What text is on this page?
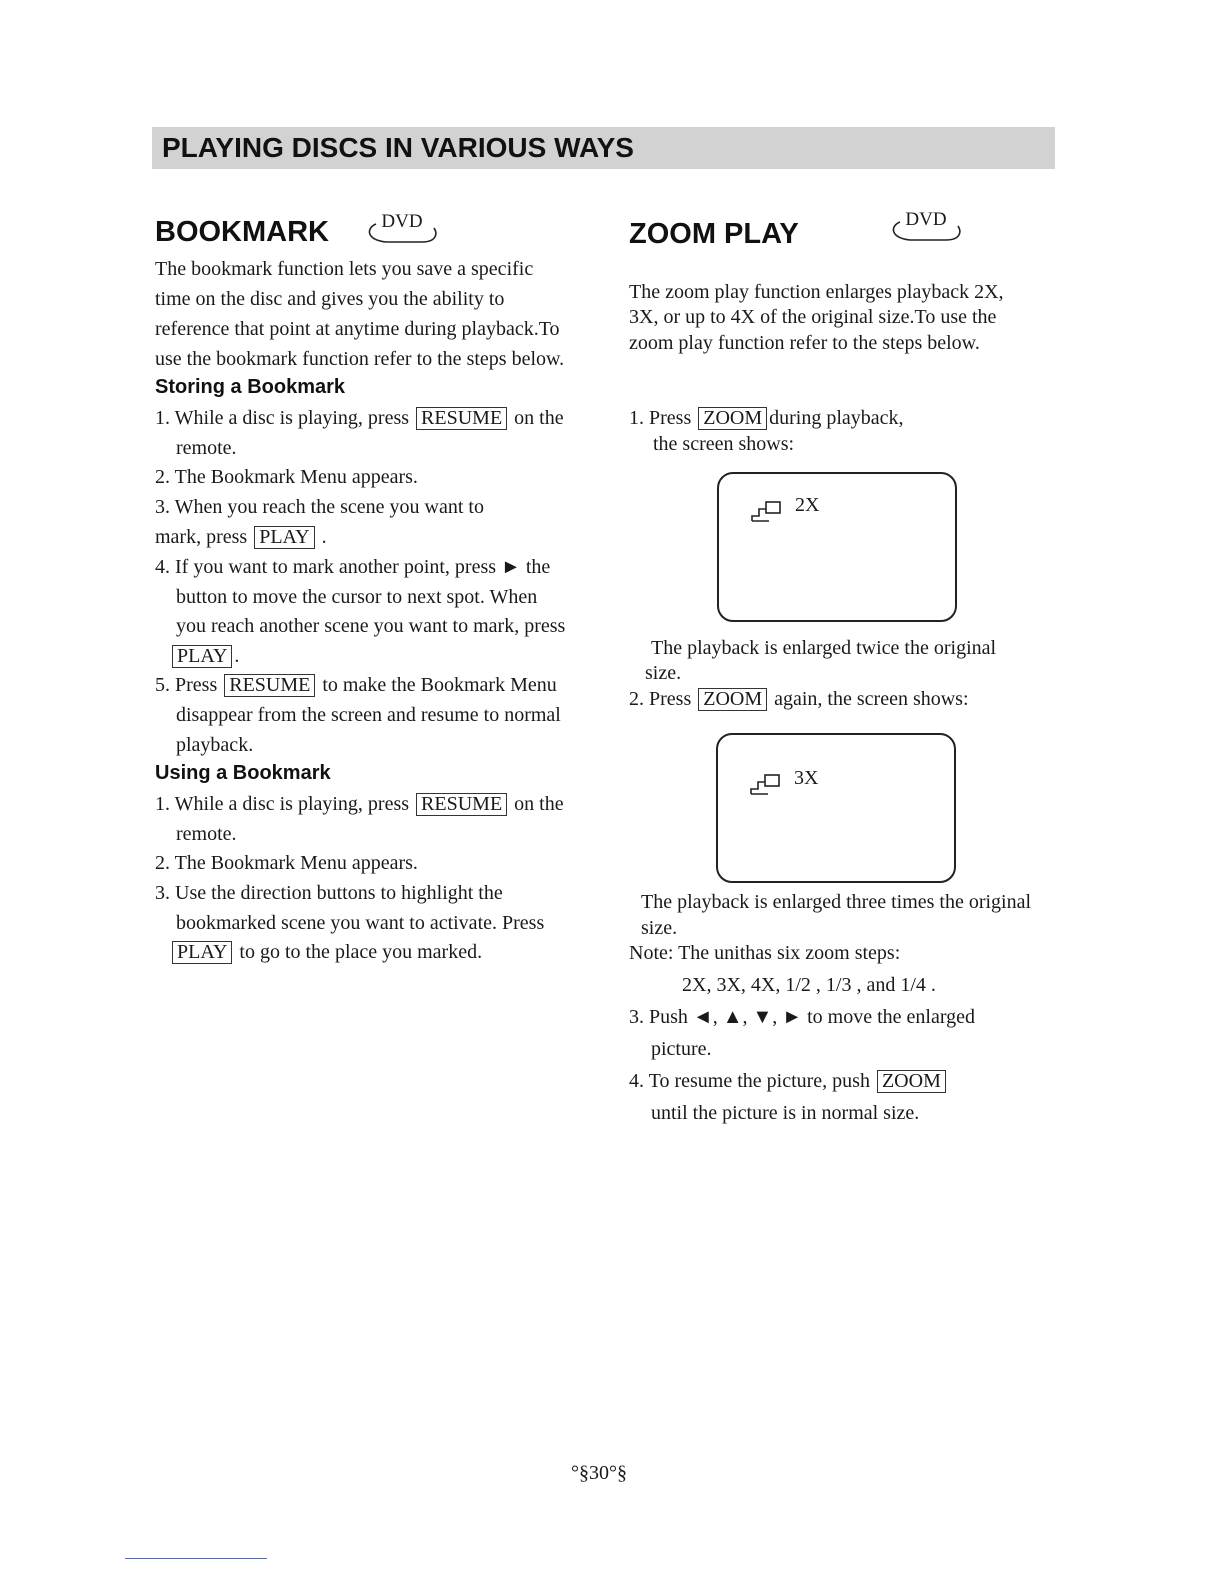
PLAYING DISCS IN VARIOUS WAYS
BOOKMARK	DVD
The bookmark function lets you save a specific
time on the disc and gives you the ability to
reference that point at anytime during playback.To
use the bookmark function refer to the steps below.
Storing a Bookmark
1. While a disc is playing, press RESUME on the
remote.
2. The Bookmark Menu appears.
3. When you reach the scene you want to
mark, press PLAY .
4. If you want to mark another point, press ► the
button to move the cursor to next spot. When
you reach another scene you want to mark, press
PLAY .
5. Press RESUME to make the Bookmark Menu
disappear from the screen and resume to normal
playback.
Using a Bookmark
1. While a disc is playing, press RESUME on the
remote.
2. The Bookmark Menu appears.
3. Use the direction buttons to highlight the
bookmarked scene you want to activate. Press
PLAY to go to the place you marked.
ZOOM PLAY	DVD
The zoom play function enlarges playback 2X,
3X, or up to 4X of the original size.To use the
zoom play function refer to the steps below.
1. Press ZOOM during playback,
the screen shows:
2X
The playback is enlarged twice the original
size.
2. Press ZOOM again, the screen shows:
3X
The playback is enlarged three times the original
size.
Note: The unithas six zoom steps:
2X, 3X, 4X, 1/2 , 1/3 , and 1/4 .
3. Push ◄, ▲, ▼, ► to move the enlarged
picture.
4. To resume the picture, push ZOOM
until the picture is in normal size.
°§30°§
